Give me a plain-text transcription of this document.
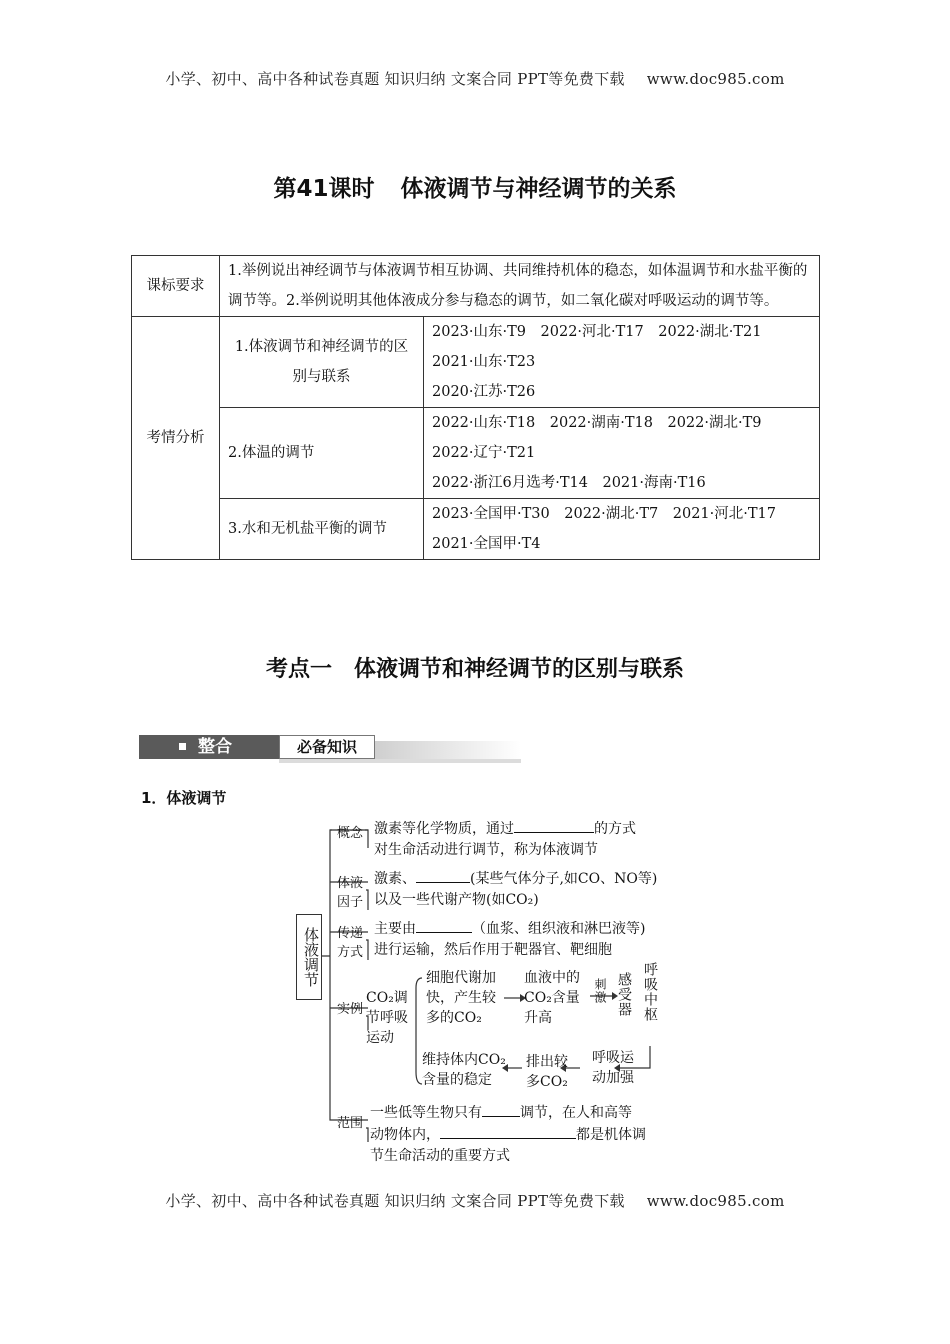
小学、初中、高中各种试卷真题 知识归纳 文案合同 PPT等免费下载 www.doc985.com
第41课时 体液调节与神经调节的关系
课标要求	1.举例说出神经调节与体液调节相互协调、共同维持机体的稳态，如体温调节和水盐平衡的调节等。2.举例说明其他体液成分参与稳态的调节，如二氧化碳对呼吸运动的调节等。	
考情分析	1.体液调节和神经调节的区别与联系	2023·山东·T9　2022·河北·T17　2022·湖北·T21
2021·山东·T23
2020·江苏·T26

	2.体温的调节	2022·山东·T18　2022·湖南·T18　2022·湖北·T9
2022·辽宁·T21
2022·浙江6月选考·T14　2021·海南·T16

	3.水和无机盐平衡的调节	2023·全国甲·T30　2022·湖北·T7　2021·河北·T17
2021·全国甲·T4
考点一　体液调节和神经调节的区别与联系
整合	必备知识
1．体液调节
体液调节
概念 激素等化学物质，通过	的方式
对生命活动进行调节，称为体液调节
体液
因子
激素、	(某些气体分子,如CO、NO等)
以及一些代谢产物(如CO₂)
传递
方式
主要由	（血浆、组织液和淋巴液等)
进行运输，然后作用于靶器官、靶细胞
实例
CO₂调
节呼吸
运动
细胞代谢加
快，产生较
多的CO₂
血液中的
CO₂含量
升高
刺激 感受器 呼吸中枢
维持体内CO₂
含量的稳定
排出较
多CO₂
呼吸运
动加强
范围
一些低等生物只有	调节，在人和高等
动物体内，	都是机体调
节生命活动的重要方式
小学、初中、高中各种试卷真题 知识归纳 文案合同 PPT等免费下载 www.doc985.com
